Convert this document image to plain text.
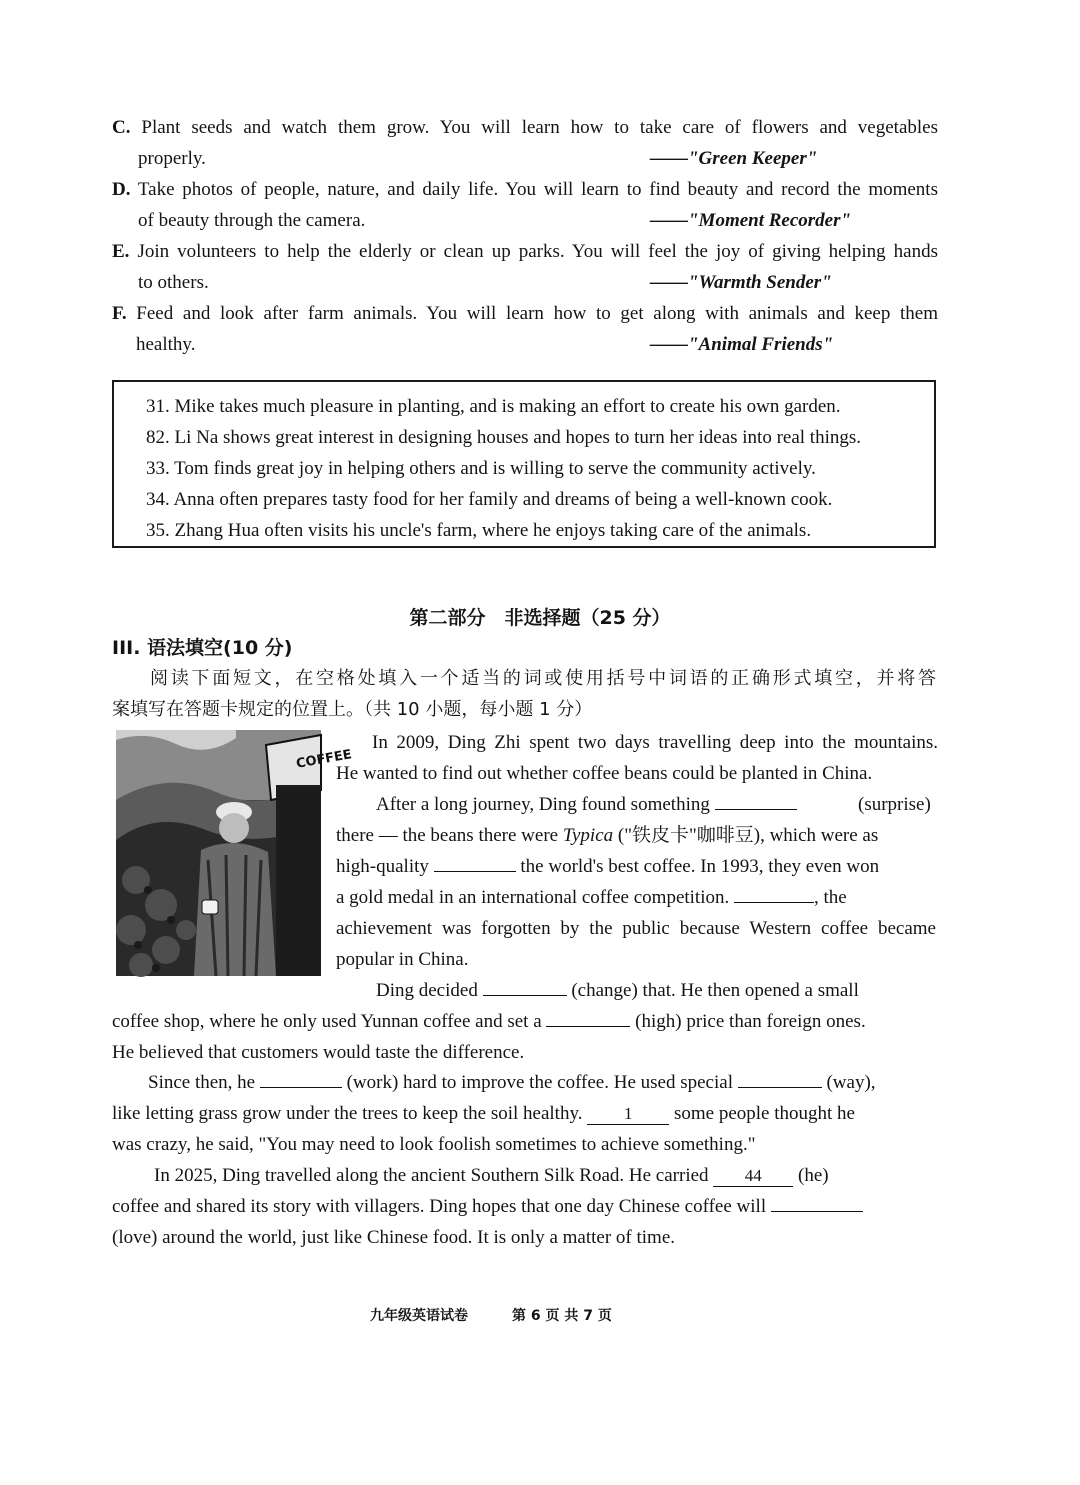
C. Plant seeds and watch them grow. You will learn how to take care of flowers and vegetables
properly.	——"Green Keeper"
D. Take photos of people, nature, and daily life. You will learn to find beauty and record the moments
of beauty through the camera.	——"Moment Recorder"
E. Join volunteers to help the elderly or clean up parks. You will feel the joy of giving helping hands
to others.	——"Warmth Sender"
F. Feed and look after farm animals. You will learn how to get along with animals and keep them
healthy.	——"Animal Friends"
31. Mike takes much pleasure in planting, and is making an effort to create his own garden.
82. Li Na shows great interest in designing houses and hopes to turn her ideas into real things.
33. Tom finds great joy in helping others and is willing to serve the community actively.
34. Anna often prepares tasty food for her family and dreams of being a well-known cook.
35. Zhang Hua often visits his uncle's farm, where he enjoys taking care of the animals.
第二部分　非选择题（25 分）
III. 语法填空(10 分)
阅读下面短文，在空格处填入一个适当的词或使用括号中词语的正确形式填空，并将答
案填写在答题卡规定的位置上。（共 10 小题，每小题 1 分）
COFFEE
In 2009, Ding Zhi spent two days travelling deep into the mountains.
He wanted to find out whether coffee beans could be planted in China.
After a long journey, Ding found something	(surprise)
there — the beans there were Typica ("铁皮卡"咖啡豆), which were as
high-quality	the world's best coffee. In 1993, they even won
a gold medal in an international coffee competition.	, the
achievement was forgotten by the public because Western coffee became
popular in China.
Ding decided	(change) that. He then opened a small
coffee shop, where he only used Yunnan coffee and set a	(high) price than foreign ones.
He believed that customers would taste the difference.
Since then, he	(work) hard to improve the coffee. He used special	(way),
like letting grass grow under the trees to keep the soil healthy. 1 some people thought he
was crazy, he said, "You may need to look foolish sometimes to achieve something."
In 2025, Ding travelled along the ancient Southern Silk Road. He carried 44 (he)
coffee and shared its story with villagers. Ding hopes that one day Chinese coffee will
(love) around the world, just like Chinese food. It is only a matter of time.
九年级英语试卷	第 6 页 共 7 页
